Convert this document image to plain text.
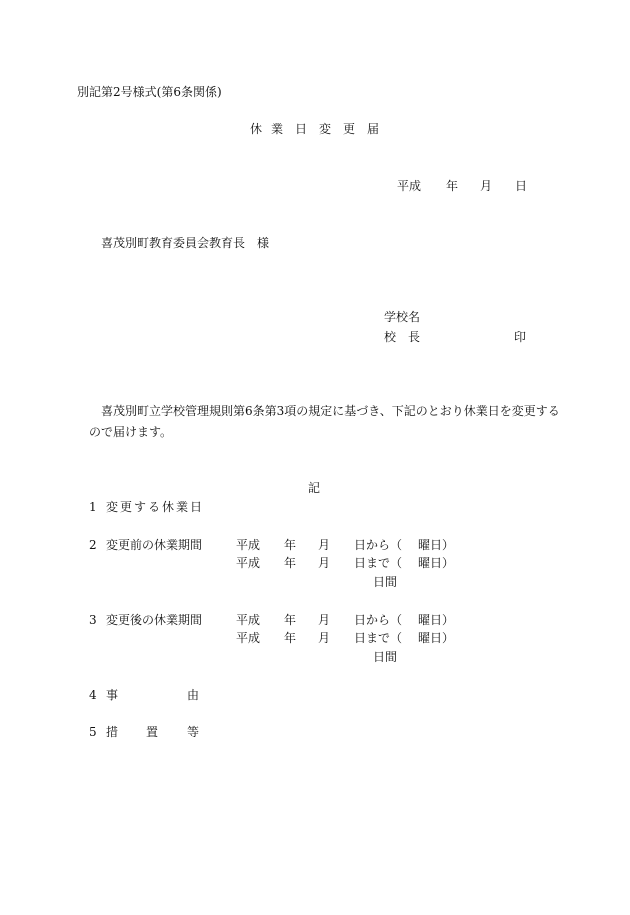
別記第2号様式(第6条関係)
休 業 日 変 更 届
平成 年 月 日
喜茂別町教育委員会教育長　様
学校名
校　長	印
喜茂別町立学校管理規則第6条第3項の規定に基づき、下記のとおり休業日を変更する
ので届けます。
記
1 変更する休業日
2 変更前の休業期間	平成 年 月 日から（ 曜日）
平成 年 月 日まで（ 曜日）
日間
3 変更後の休業期間	平成 年 月 日から（ 曜日）
平成 年 月 日まで（ 曜日）
日間
4 事	由
5 措 置 等
